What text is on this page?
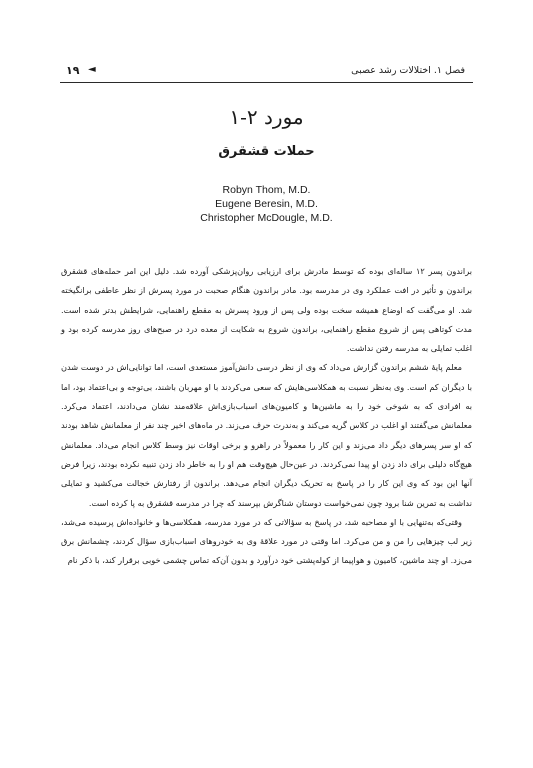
۱۹ ◄	فصل ۱. اختلالات رشد عصبی
مورد ۲-۱
حملات قشقرق
Robyn Thom, M.D.
Eugene Beresin, M.D.
Christopher McDougle, M.D.

براندون پسر ۱۲ ساله‌ای بوده که توسط مادرش برای ارزیابی روان‌پزشکی آورده شد. دلیل این امر حمله‌های قشقرق براندون و تأثیر در افت عملکرد وی در مدرسه بود. مادر براندون هنگام صحبت در مورد پسرش از نظر عاطفی برانگیخته شد. او می‌گفت که اوضاع همیشه سخت بوده ولی پس از ورود پسرش به مقطع راهنمایی، شرایطش بدتر شده است. مدت کوتاهی پس از شروع مقطع راهنمایی، براندون شروع به شکایت از معده درد در صبح‌های روز مدرسه کرده بود و اغلب تمایلی به مدرسه رفتن نداشت.

معلم پایهٔ ششم براندون گزارش می‌داد که وی از نظر درسی دانش‌آموز مستعدی است، اما توانایی‌اش در دوست شدن با دیگران کم است. وی به‌نظر نسبت به همکلاسی‌هایش که سعی می‌کردند با او مهربان باشند، بی‌توجه و بی‌اعتماد بود، اما به افرادی که به شوخی خود را به ماشین‌ها و کامیون‌های اسباب‌بازی‌اش علاقه‌مند نشان می‌دادند، اعتماد می‌کرد. معلمانش می‌گفتند او اغلب در کلاس گریه می‌کند و به‌ندرت حرف می‌زند. در ماه‌های اخیر چند نفر از معلمانش شاهد بودند که او سر پسرهای دیگر داد می‌زند و این کار را معمولاً در راهرو و برخی اوقات نیز وسط کلاس انجام می‌داد. معلمانش هیچ‌گاه دلیلی برای داد زدن او پیدا نمی‌کردند. در عین‌حال هیچ‌وقت هم او را به خاطر داد زدن تنبیه نکرده بودند، زیرا فرض آنها این بود که وی این کار را در پاسخ به تحریک دیگران انجام می‌دهد. براندون از رفتارش خجالت می‌کشید و تمایلی نداشت به تمرین شنا برود چون نمی‌خواست دوستان شناگرش بپرسند که چرا در مدرسه قشقرق به پا کرده است.

وقتی‌که به‌تنهایی با او مصاحبه شد، در پاسخ به سؤالاتی که در مورد مدرسه، همکلاسی‌ها و خانواده‌اش پرسیده می‌شد، زیر لب چیزهایی را من و من می‌کرد. اما وقتی در مورد علاقهٔ وی به خودروهای اسباب‌بازی سؤال کردند، چشمانش برق می‌زد. او چند ماشین، کامیون و هواپیما از کوله‌پشتی خود درآورد و بدون آن‌که تماس چشمی خوبی برقرار کند، با ذکر نام
